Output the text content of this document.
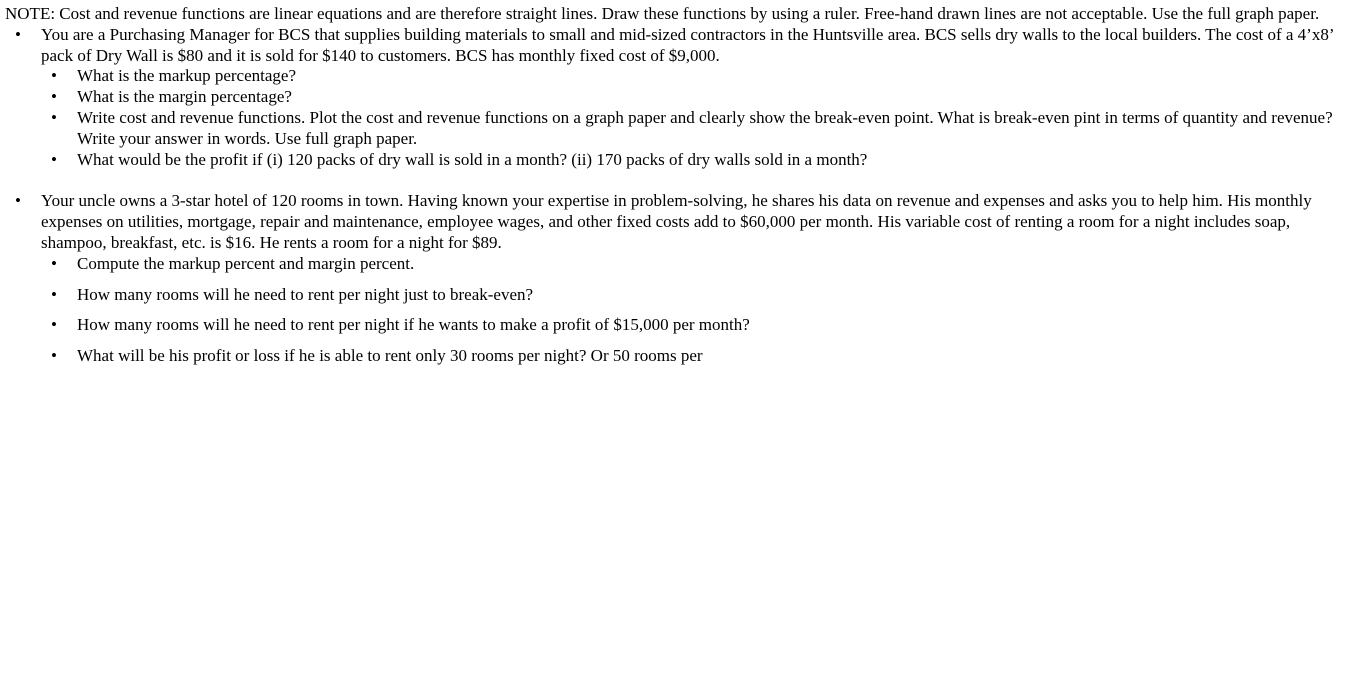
NOTE: Cost and revenue functions are linear equations and are therefore straight lines. Draw these functions by using a ruler. Free-hand drawn lines are not acceptable. Use the full graph paper.

• You are a Purchasing Manager for BCS that supplies building materials to small and mid-sized contractors in the Huntsville area. BCS sells dry walls to the local builders. The cost of a 4’x8’ pack of Dry Wall is $80 and it is sold for $140 to customers. BCS has monthly fixed cost of $9,000.
• What is the markup percentage?
• What is the margin percentage?
• Write cost and revenue functions. Plot the cost and revenue functions on a graph paper and clearly show the break-even point. What is break-even pint in terms of quantity and revenue? Write your answer in words. Use full graph paper.
• What would be the profit if (i) 120 packs of dry wall is sold in a month? (ii) 170 packs of dry walls sold in a month?
• Your uncle owns a 3-star hotel of 120 rooms in town. Having known your expertise in problem-solving, he shares his data on revenue and expenses and asks you to help him. His monthly expenses on utilities, mortgage, repair and maintenance, employee wages, and other fixed costs add to $60,000 per month. His variable cost of renting a room for a night includes soap, shampoo, breakfast, etc. is $16. He rents a room for a night for $89.
• Compute the markup percent and margin percent.
• How many rooms will he need to rent per night just to break-even?
• How many rooms will he need to rent per night if he wants to make a profit of $15,000 per month?
• What will be his profit or loss if he is able to rent only 30 rooms per night? Or 50 rooms per
